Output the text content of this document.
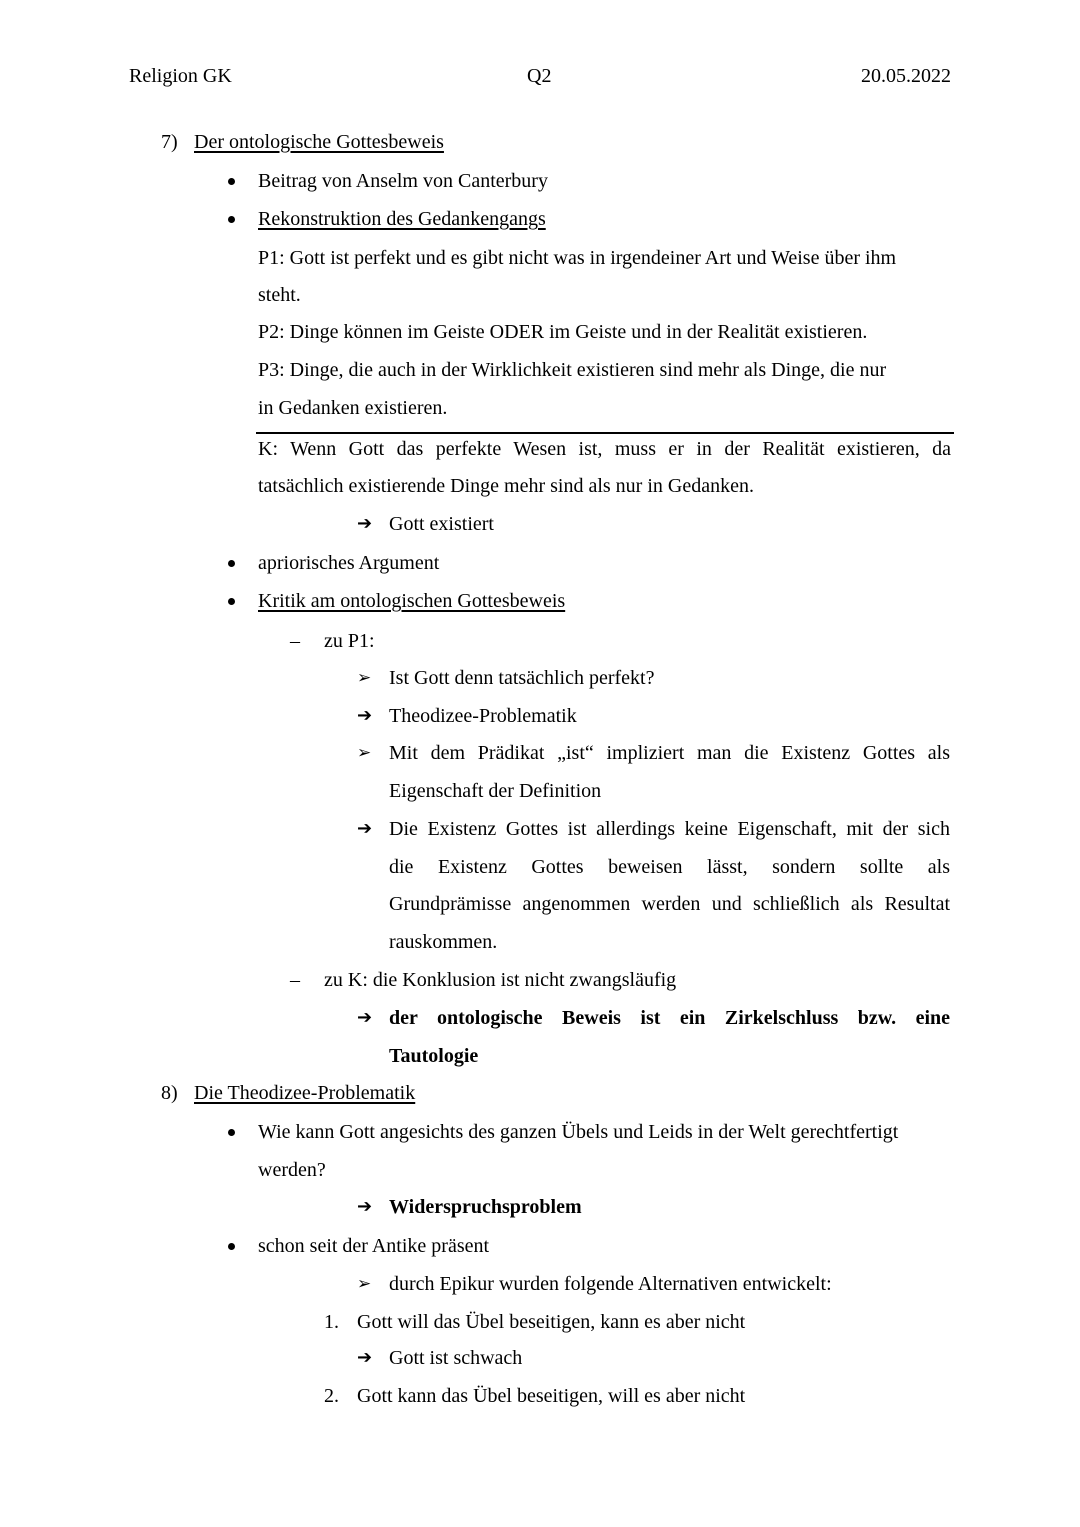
Religion GK	Q2	20.05.2022
7) Der ontologische Gottesbeweis
Beitrag von Anselm von Canterbury
Rekonstruktion des Gedankengangs
P1: Gott ist perfekt und es gibt nicht was in irgendeiner Art und Weise über ihm
steht.
P2: Dinge können im Geiste ODER im Geiste und in der Realität existieren.
P3: Dinge, die auch in der Wirklichkeit existieren sind mehr als Dinge, die nur
in Gedanken existieren.
K: Wenn Gott das perfekte Wesen ist, muss er in der Realität existieren, da
tatsächlich existierende Dinge mehr sind als nur in Gedanken.
➔ Gott existiert
apriorisches Argument
Kritik am ontologischen Gottesbeweis
– zu P1:
➢ Ist Gott denn tatsächlich perfekt?
➔ Theodizee-Problematik
➢ Mit dem Prädikat „ist“ impliziert man die Existenz Gottes als
Eigenschaft der Definition
➔ Die Existenz Gottes ist allerdings keine Eigenschaft, mit der sich
die Existenz Gottes beweisen lässt, sondern sollte als
Grundprämisse angenommen werden und schließlich als Resultat
rauskommen.
– zu K: die Konklusion ist nicht zwangsläufig
➔ der ontologische Beweis ist ein Zirkelschluss bzw. eine
Tautologie
8) Die Theodizee-Problematik
Wie kann Gott angesichts des ganzen Übels und Leids in der Welt gerechtfertigt
werden?
➔ Widerspruchsproblem
schon seit der Antike präsent
➢ durch Epikur wurden folgende Alternativen entwickelt:
1. Gott will das Übel beseitigen, kann es aber nicht
➔ Gott ist schwach
2. Gott kann das Übel beseitigen, will es aber nicht
